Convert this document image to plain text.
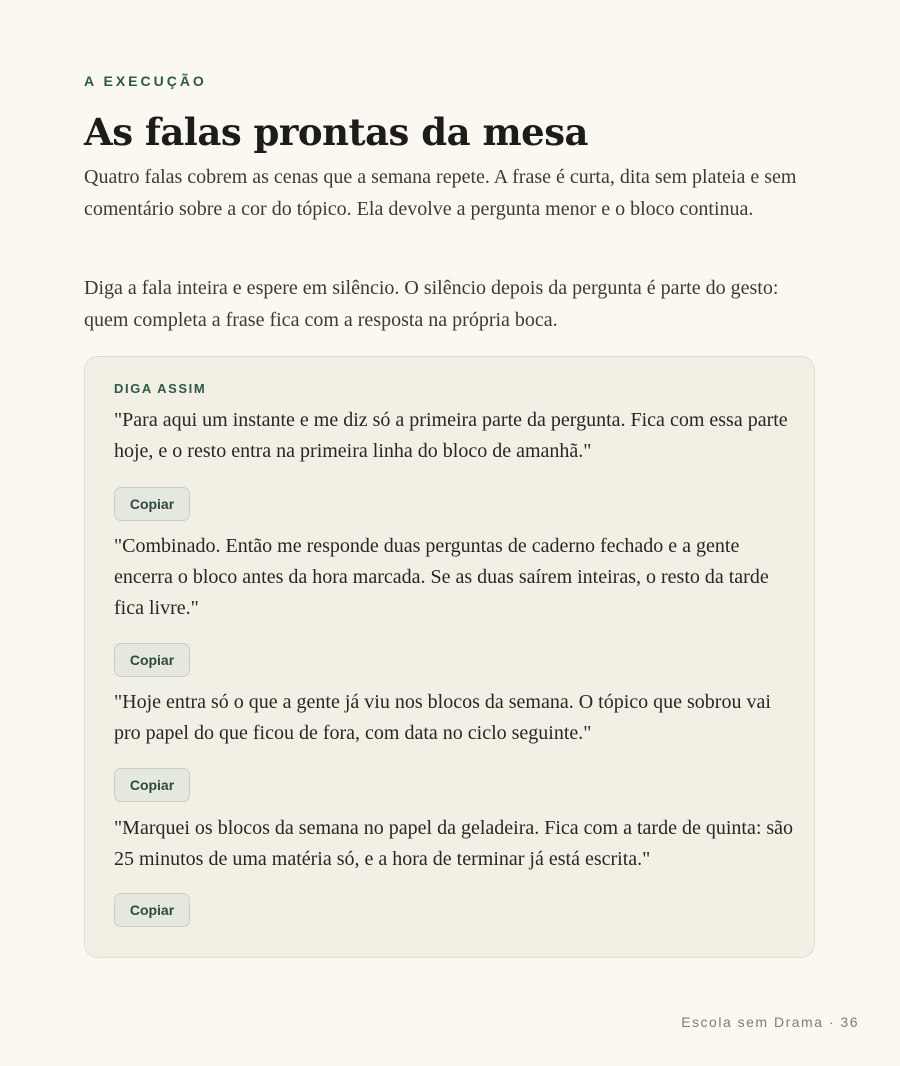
A EXECUÇÃO

As falas prontas da mesa

Quatro falas cobrem as cenas que a semana repete. A frase é curta, dita sem plateia e sem comentário sobre a cor do tópico. Ela devolve a pergunta menor e o bloco continua.

Diga a fala inteira e espere em silêncio. O silêncio depois da pergunta é parte do gesto: quem completa a frase fica com a resposta na própria boca.

DIGA ASSIM

"Para aqui um instante e me diz só a primeira parte da pergunta. Fica com essa parte hoje, e o resto entra na primeira linha do bloco de amanhã."

Copiar

"Combinado. Então me responde duas perguntas de caderno fechado e a gente encerra o bloco antes da hora marcada. Se as duas saírem inteiras, o resto da tarde fica livre."

Copiar

"Hoje entra só o que a gente já viu nos blocos da semana. O tópico que sobrou vai pro papel do que ficou de fora, com data no ciclo seguinte."

Copiar

"Marquei os blocos da semana no papel da geladeira. Fica com a tarde de quinta: são 25 minutos de uma matéria só, e a hora de terminar já está escrita."

Copiar

Escola sem Drama · 36
